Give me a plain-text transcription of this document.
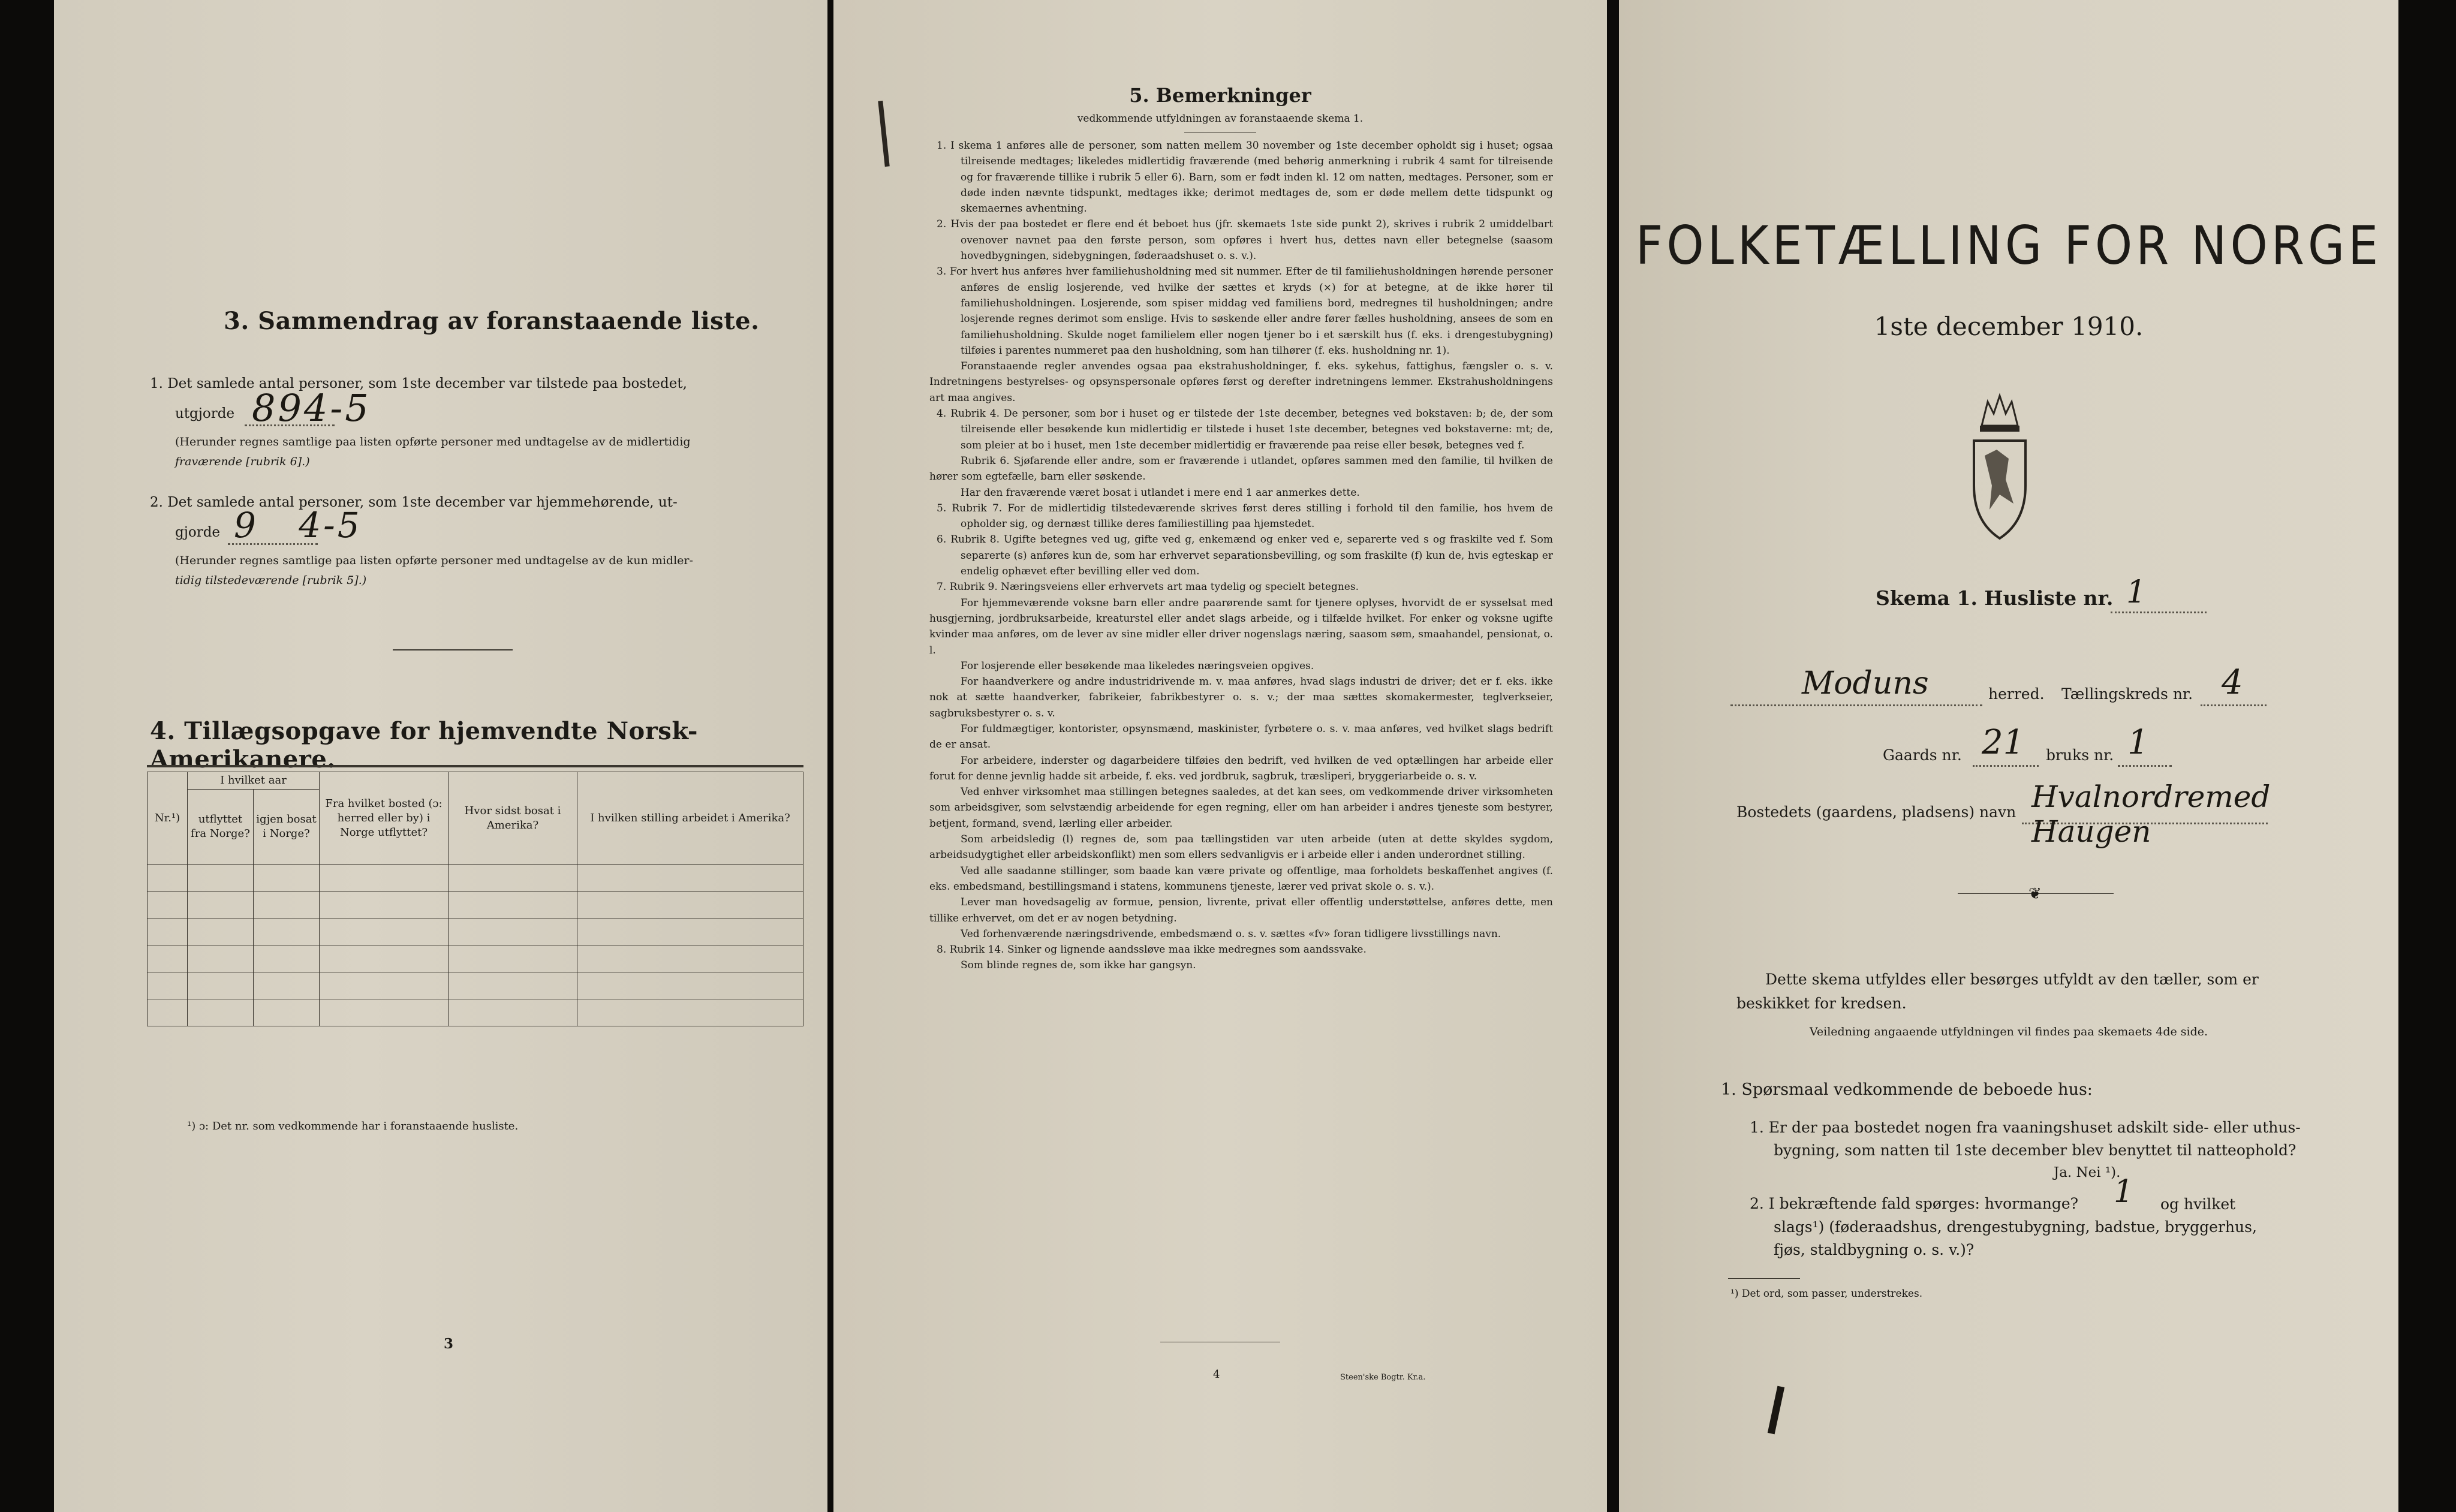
3. Sammendrag av foranstaaende liste.
1. Det samlede antal personer, som 1ste december var tilstede paa bostedet,
utgjorde 894-5
(Herunder regnes samtlige paa listen opførte personer med undtagelse av de midlertidig
fraværende [rubrik 6].)
2. Det samlede antal personer, som 1ste december var hjemmehørende, ut-
gjorde 9   4-5
(Herunder regnes samtlige paa listen opførte personer med undtagelse av de kun midler-
tidig tilstedeværende [rubrik 5].)
4. Tillægsopgave for hjemvendte Norsk-Amerikanere.
Nr.¹)	I hvilket aar		Fra hvilket bosted (ɔ: herred eller by) i Norge utflyttet?	Hvor sidst bosat i Amerika?	I hvilken stilling arbeidet i Amerika?
	utflyttet fra Norge?	igjen bosat i Norge?			

¹) ɔ: Det nr. som vedkommende har i foranstaaende husliste.
3
5. Bemerkninger
vedkommende utfyldningen av foranstaaende skema 1.

1. I skema 1 anføres alle de personer, som natten mellem 30 november og 1ste december opholdt sig i huset; ogsaa tilreisende medtages; likeledes midlertidig fraværende (med behørig anmerkning i rubrik 4 samt for tilreisende og for fraværende tillike i rubrik 5 eller 6). Barn, som er født inden kl. 12 om natten, medtages. Personer, som er døde inden nævnte tidspunkt, medtages ikke; derimot medtages de, som er døde mellem dette tidspunkt og skemaernes avhentning.

2. Hvis der paa bostedet er flere end ét beboet hus (jfr. skemaets 1ste side punkt 2), skrives i rubrik 2 umiddelbart ovenover navnet paa den første person, som opføres i hvert hus, dettes navn eller betegnelse (saasom hovedbygningen, sidebygningen, føderaadshuset o. s. v.).

3. For hvert hus anføres hver familiehusholdning med sit nummer. Efter de til familiehusholdningen hørende personer anføres de enslig losjerende, ved hvilke der sættes et kryds (×) for at betegne, at de ikke hører til familiehusholdningen. Losjerende, som spiser middag ved familiens bord, medregnes til husholdningen; andre losjerende regnes derimot som enslige. Hvis to søskende eller andre fører fælles husholdning, ansees de som en familiehusholdning. Skulde noget familielem eller nogen tjener bo i et særskilt hus (f. eks. i drengestubygning) tilføies i parentes nummeret paa den husholdning, som han tilhører (f. eks. husholdning nr. 1).

Foranstaaende regler anvendes ogsaa paa ekstrahusholdninger, f. eks. sykehus, fattighus, fængsler o. s. v. Indretningens bestyrelses- og opsynspersonale opføres først og derefter indretningens lemmer. Ekstrahusholdningens art maa angives.

4. Rubrik 4. De personer, som bor i huset og er tilstede der 1ste december, betegnes ved bokstaven: b; de, der som tilreisende eller besøkende kun midlertidig er tilstede i huset 1ste december, betegnes ved bokstaverne: mt; de, som pleier at bo i huset, men 1ste december midlertidig er fraværende paa reise eller besøk, betegnes ved f.

Rubrik 6. Sjøfarende eller andre, som er fraværende i utlandet, opføres sammen med den familie, til hvilken de hører som egtefælle, barn eller søskende.

Har den fraværende været bosat i utlandet i mere end 1 aar anmerkes dette.

5. Rubrik 7. For de midlertidig tilstedeværende skrives først deres stilling i forhold til den familie, hos hvem de opholder sig, og dernæst tillike deres familiestilling paa hjemstedet.

6. Rubrik 8. Ugifte betegnes ved ug, gifte ved g, enkemænd og enker ved e, separerte ved s og fraskilte ved f. Som separerte (s) anføres kun de, som har erhvervet separationsbevilling, og som fraskilte (f) kun de, hvis egteskap er endelig ophævet efter bevilling eller ved dom.

7. Rubrik 9. Næringsveiens eller erhvervets art maa tydelig og specielt betegnes.

For hjemmeværende voksne barn eller andre paarørende samt for tjenere oplyses, hvorvidt de er sysselsat med husgjerning, jordbruksarbeide, kreaturstel eller andet slags arbeide, og i tilfælde hvilket. For enker og voksne ugifte kvinder maa anføres, om de lever av sine midler eller driver nogenslags næring, saasom søm, smaahandel, pensionat, o. l.

For losjerende eller besøkende maa likeledes næringsveien opgives.

For haandverkere og andre industridrivende m. v. maa anføres, hvad slags industri de driver; det er f. eks. ikke nok at sætte haandverker, fabrikeier, fabrikbestyrer o. s. v.; der maa sættes skomakermester, teglverkseier, sagbruksbestyrer o. s. v.

For fuldmægtiger, kontorister, opsynsmænd, maskinister, fyrbøtere o. s. v. maa anføres, ved hvilket slags bedrift de er ansat.

For arbeidere, inderster og dagarbeidere tilføies den bedrift, ved hvilken de ved optællingen har arbeide eller forut for denne jevnlig hadde sit arbeide, f. eks. ved jordbruk, sagbruk, træsliperi, bryggeriarbeide o. s. v.

Ved enhver virksomhet maa stillingen betegnes saaledes, at det kan sees, om vedkommende driver virksomheten som arbeidsgiver, som selvstændig arbeidende for egen regning, eller om han arbeider i andres tjeneste som bestyrer, betjent, formand, svend, lærling eller arbeider.

Som arbeidsledig (l) regnes de, som paa tællingstiden var uten arbeide (uten at dette skyldes sygdom, arbeidsudygtighet eller arbeidskonflikt) men som ellers sedvanligvis er i arbeide eller i anden underordnet stilling.

Ved alle saadanne stillinger, som baade kan være private og offentlige, maa forholdets beskaffenhet angives (f. eks. embedsmand, bestillingsmand i statens, kommunens tjeneste, lærer ved privat skole o. s. v.).

Lever man hovedsagelig av formue, pension, livrente, privat eller offentlig understøttelse, anføres dette, men tillike erhvervet, om det er av nogen betydning.

Ved forhenværende næringsdrivende, embedsmænd o. s. v. sættes «fv» foran tidligere livsstillings navn.

8. Rubrik 14. Sinker og lignende aandssløve maa ikke medregnes som aandssvake.

Som blinde regnes de, som ikke har gangsyn.

4	Steen'ske Bogtr. Kr.a.
FOLKETÆLLING FOR NORGE
1ste december 1910.
Skema 1. Husliste nr. 1
Moduns	herred. Tællingskreds nr. 4
Gaards nr. 21 bruks nr. 1
Bostedets (gaardens, pladsens) navn Hvalnordremed Haugen
❦
Dette skema utfyldes eller besørges utfyldt av den tæller, som er beskikket for kredsen.
Veiledning angaaende utfyldningen vil findes paa skemaets 4de side.
1. Spørsmaal vedkommende de beboede hus:
1. Er der paa bostedet nogen fra vaaningshuset adskilt side- eller uthus-bygning, som natten til 1ste december blev benyttet til natteophold?
Ja. Nei ¹).
2. I bekræftende fald spørges: hvormange? 1	og hvilket slags¹) (føderaadshus, drengestubygning, badstue, bryggerhus, fjøs, staldbygning o. s. v.)?
¹) Det ord, som passer, understrekes.
